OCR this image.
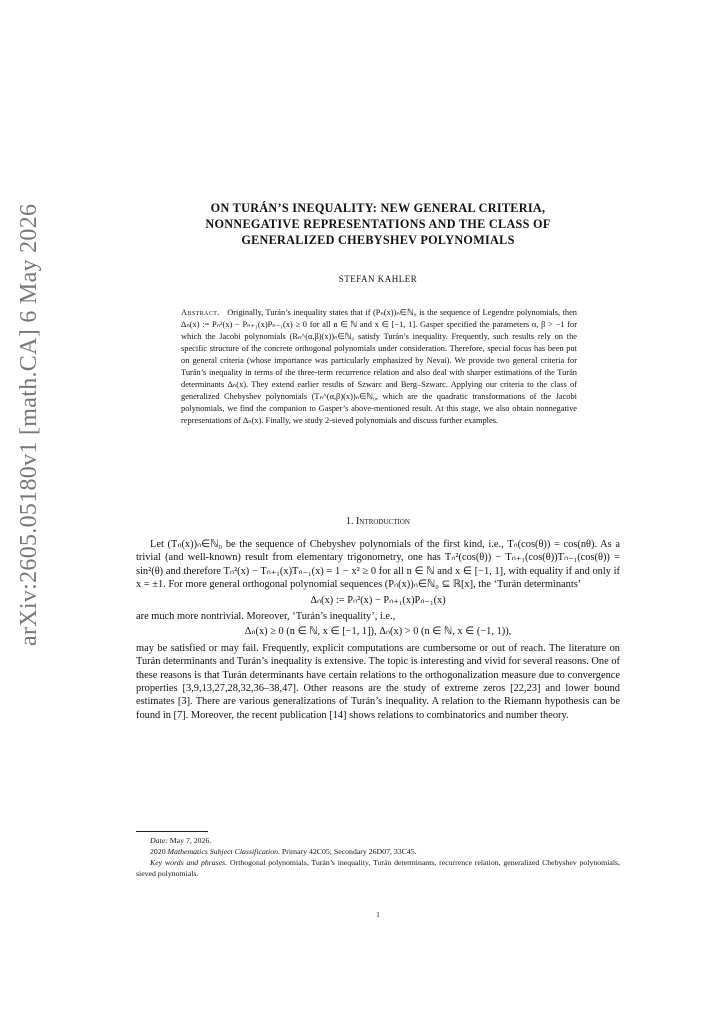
arXiv:2605.05180v1 [math.CA] 6 May 2026	ON TURÁN’S INEQUALITY: NEW GENERAL CRITERIA,
NONNEGATIVE REPRESENTATIONS AND THE CLASS OF
GENERALIZED CHEBYSHEV POLYNOMIALS
STEFAN KAHLER
Abstract. Originally, Turán’s inequality states that if (Pₙ(x))ₙ∈ℕ₀ is the sequence of Legendre polynomials, then Δₙ(x) := Pₙ²(x) − Pₙ₊₁(x)Pₙ₋₁(x) ≥ 0 for all n ∈ ℕ and x ∈ [−1, 1]. Gasper specified the parameters α, β > −1 for which the Jacobi polynomials (Rₙ^(α,β)(x))ₙ∈ℕ₀ satisfy Turán’s inequality. Frequently, such results rely on the specific structure of the concrete orthogonal polynomials under consideration. Therefore, special focus has been put on general criteria (whose importance was particularly emphasized by Nevai). We provide two general criteria for Turán’s inequality in terms of the three-term recurrence relation and also deal with sharper estimations of the Turán determinants Δₙ(x). They extend earlier results of Szwarc and Berg–Szwarc. Applying our criteria to the class of generalized Chebyshev polynomials (Tₙ^(α,β)(x))ₙ∈ℕ₀, which are the quadratic transformations of the Jacobi polynomials, we find the companion to Gasper’s above-mentioned result. At this stage, we also obtain nonnegative representations of Δₙ(x). Finally, we study 2-sieved polynomials and discuss further examples.
1. Introduction

Let (Tₙ(x))ₙ∈ℕ₀ be the sequence of Chebyshev polynomials of the first kind, i.e., Tₙ(cos(θ)) = cos(nθ). As a trivial (and well-known) result from elementary trigonometry, one has Tₙ²(cos(θ)) − Tₙ₊₁(cos(θ))Tₙ₋₁(cos(θ)) = sin²(θ) and therefore Tₙ²(x) − Tₙ₊₁(x)Tₙ₋₁(x) = 1 − x² ≥ 0 for all n ∈ ℕ and x ∈ [−1, 1], with equality if and only if x = ±1. For more general orthogonal polynomial sequences (Pₙ(x))ₙ∈ℕ₀ ⊆ ℝ[x], the ‘Turán determinants’

Δₙ(x) := Pₙ²(x) − Pₙ₊₁(x)Pₙ₋₁(x)

are much more nontrivial. Moreover, ‘Turán’s inequality’, i.e.,

Δₙ(x) ≥ 0 (n ∈ ℕ, x ∈ [−1, 1]), Δₙ(x) > 0 (n ∈ ℕ, x ∈ (−1, 1)),

may be satisfied or may fail. Frequently, explicit computations are cumbersome or out of reach. The literature on Turán determinants and Turán’s inequality is extensive. The topic is interesting and vivid for several reasons. One of these reasons is that Turán determinants have certain relations to the orthogonalization measure due to convergence properties [3,9,13,27,28,32,36–38,47]. Other reasons are the study of extreme zeros [22,23] and lower bound estimates [3]. There are various generalizations of Turán’s inequality. A relation to the Riemann hypothesis can be found in [7]. Moreover, the recent publication [14] shows relations to combinatorics and number theory.

Date: May 7, 2026.

2020 Mathematics Subject Classification. Primary 42C05; Secondary 26D07, 33C45.

Key words and phrases. Orthogonal polynomials, Turán’s inequality, Turán determinants, recurrence relation, generalized Chebyshev polynomials, sieved polynomials.

1
